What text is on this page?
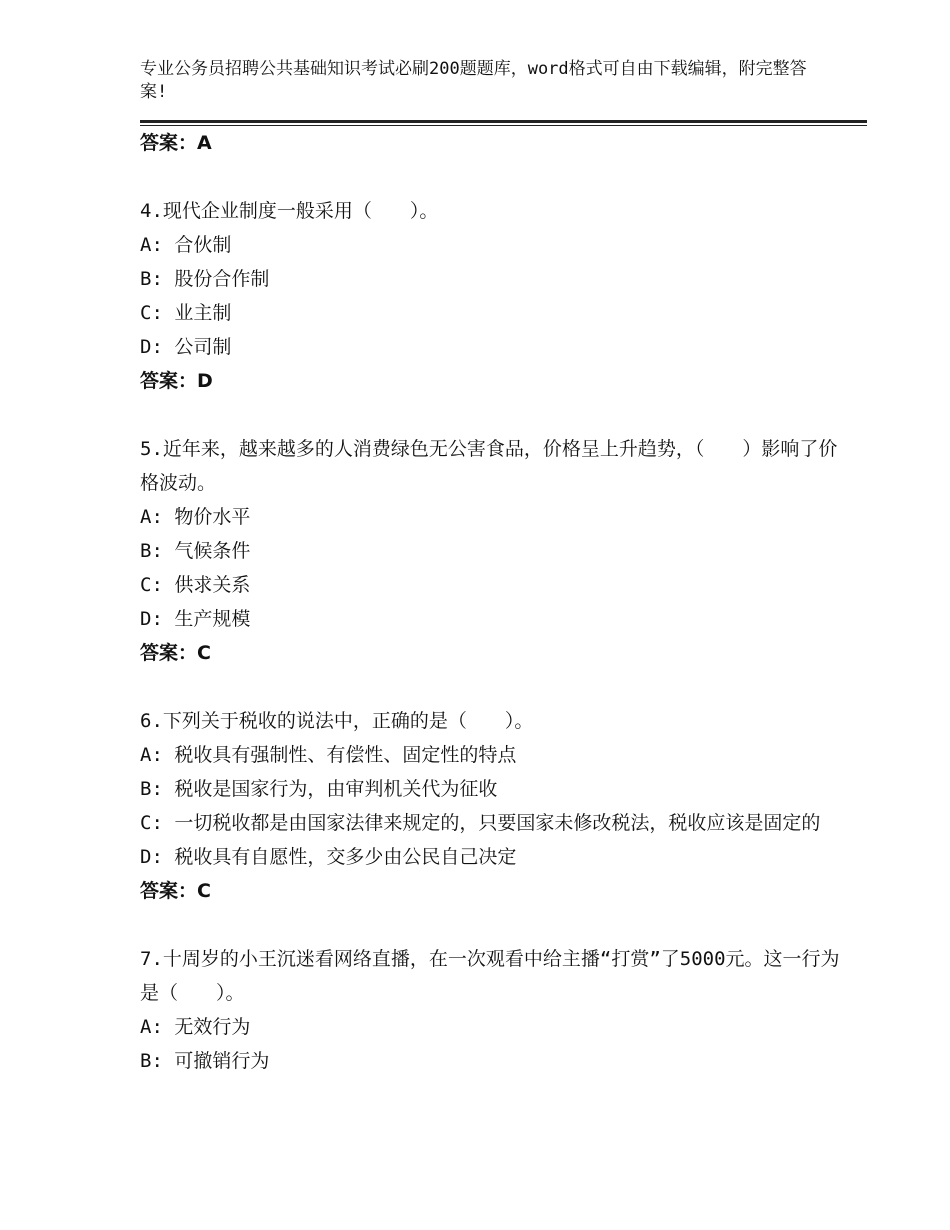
专业公务员招聘公共基础知识考试必刷200题题库，word格式可自由下载编辑，附完整答案!

答案：A

4.现代企业制度一般采用（　　）。

A: 合伙制

B: 股份合作制

C: 业主制

D: 公司制

答案：D

5.近年来，越来越多的人消费绿色无公害食品，价格呈上升趋势，（　　）影响了价格波动。

A: 物价水平

B: 气候条件

C: 供求关系

D: 生产规模

答案：C

6.下列关于税收的说法中，正确的是（　　）。

A: 税收具有强制性、有偿性、固定性的特点

B: 税收是国家行为，由审判机关代为征收

C: 一切税收都是由国家法律来规定的，只要国家未修改税法，税收应该是固定的

D: 税收具有自愿性，交多少由公民自己决定

答案：C

7.十周岁的小王沉迷看网络直播，在一次观看中给主播“打赏”了5000元。这一行为是（　　）。

A: 无效行为

B: 可撤销行为
